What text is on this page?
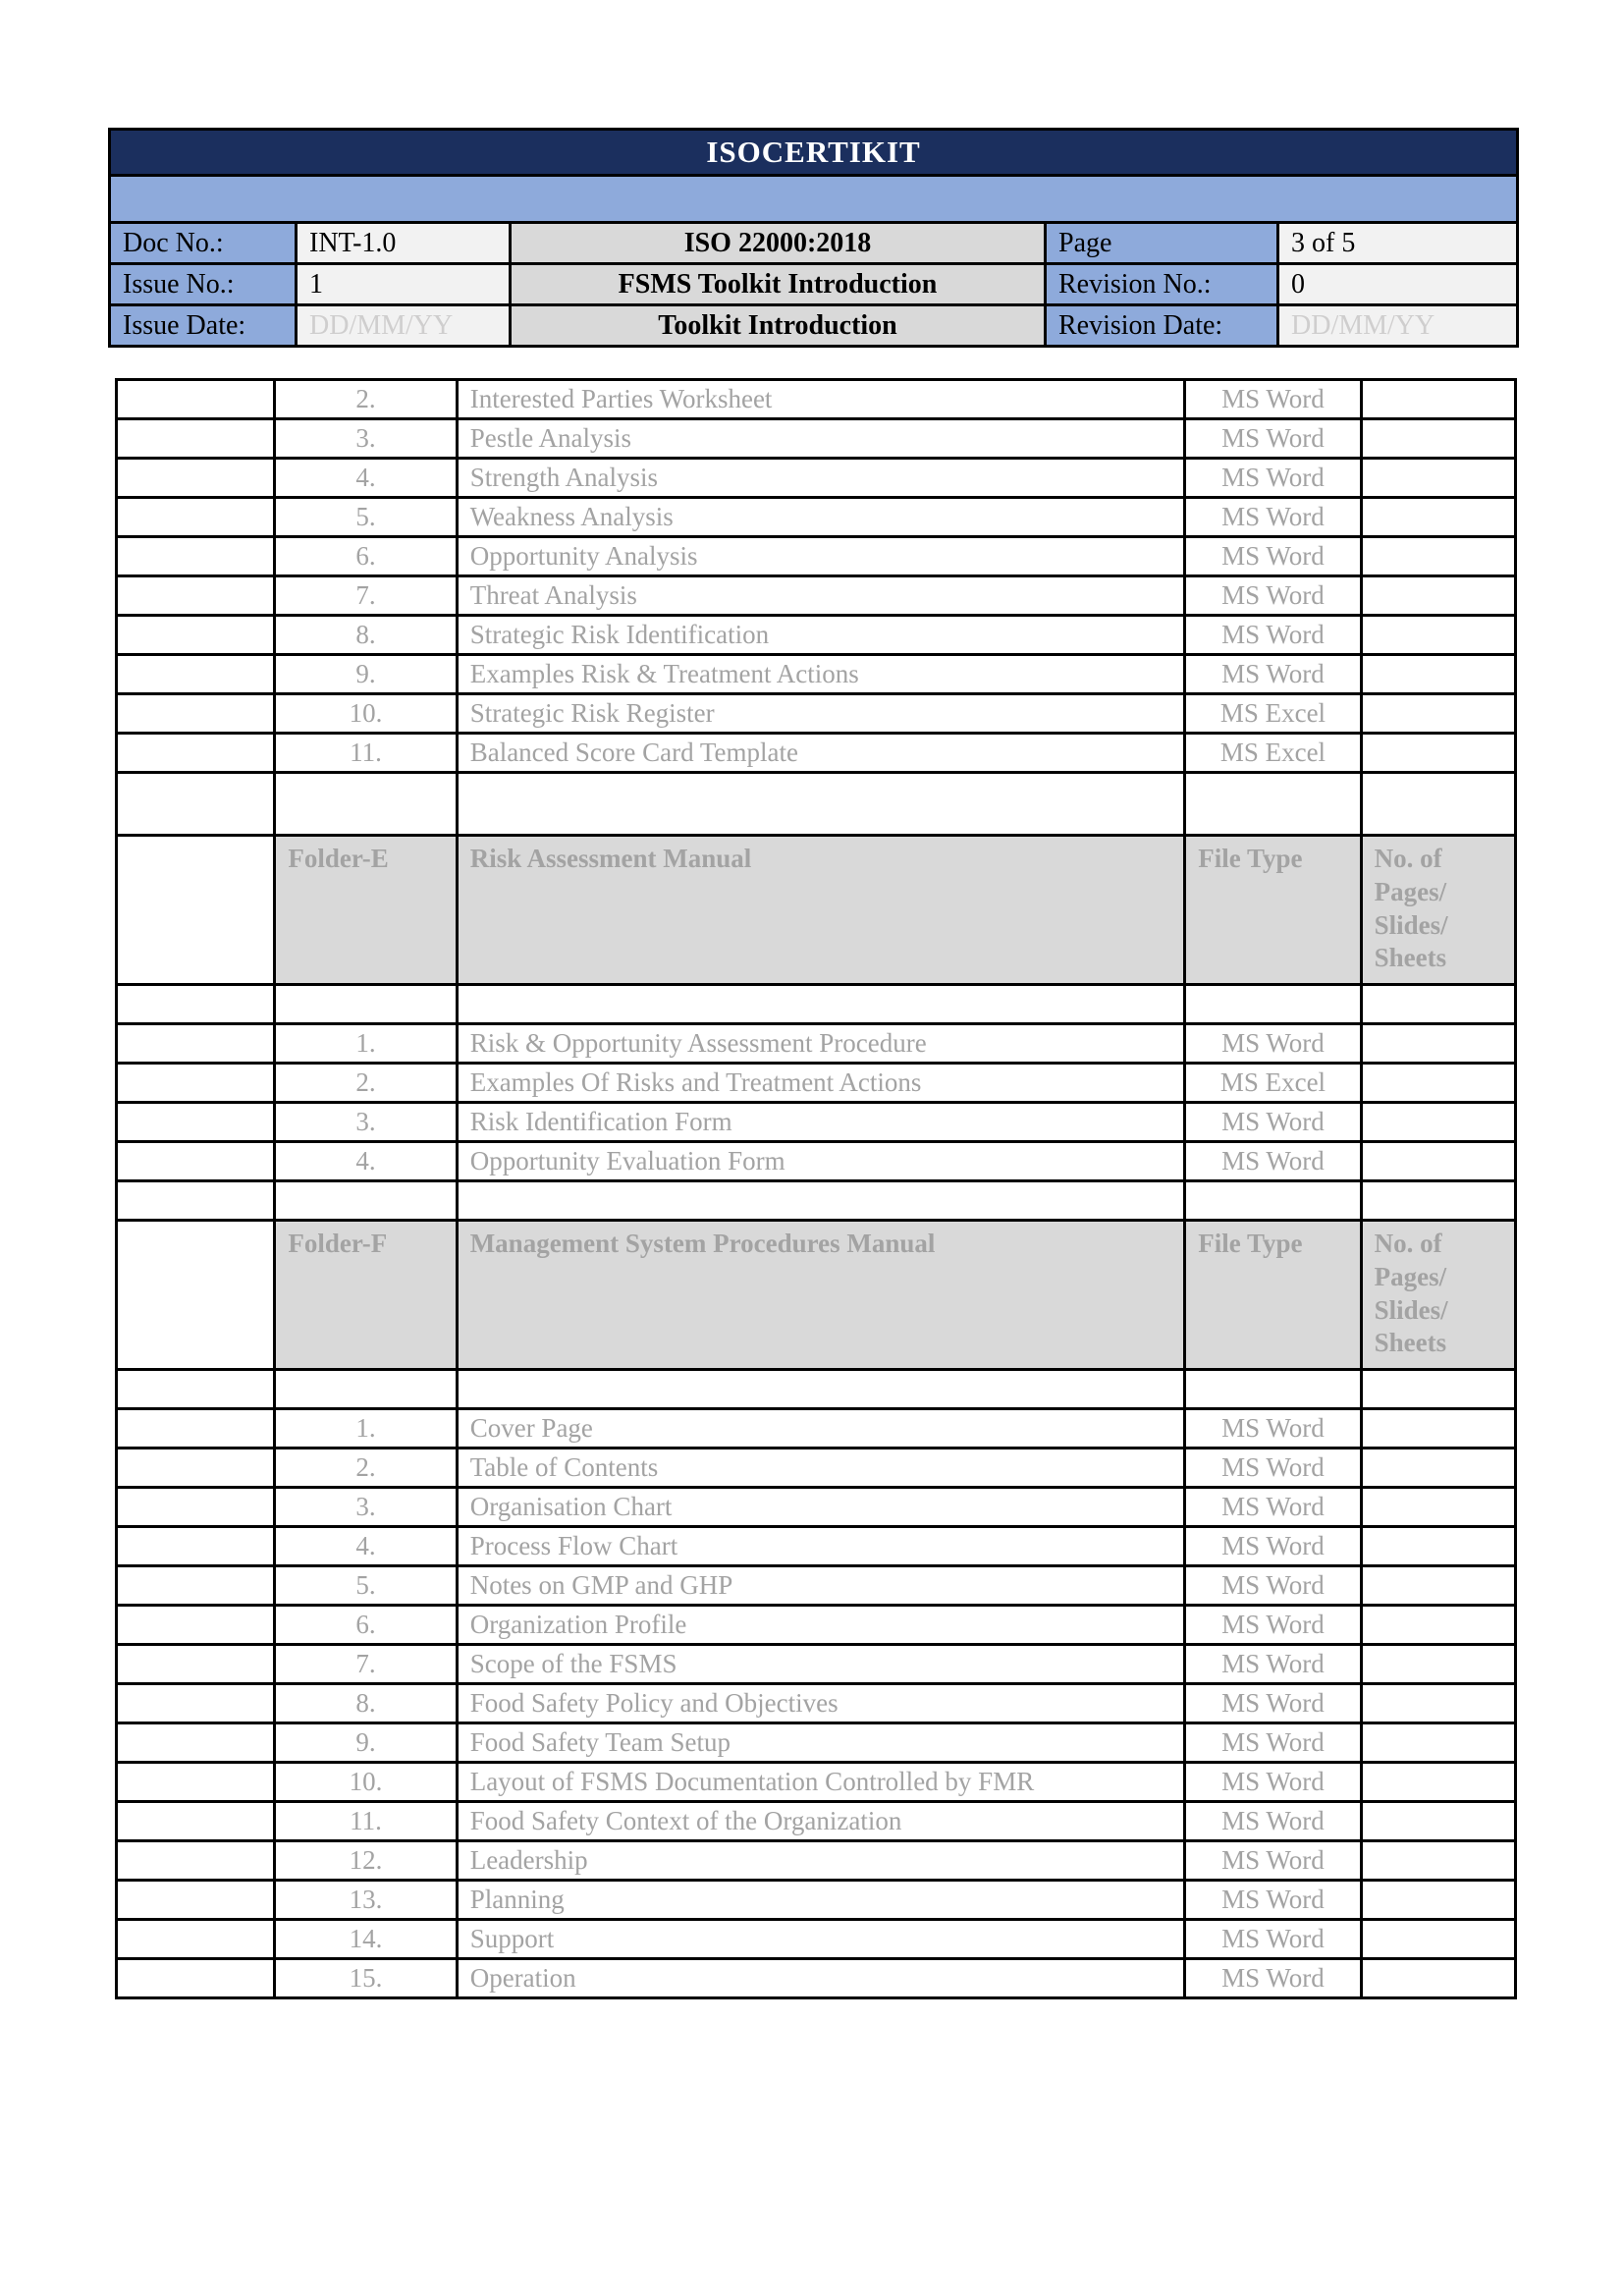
ISOCERTIKIT				

Doc No.:	INT-1.0	ISO 22000:2018	Page	3 of 5
Issue No.:	1	FSMS Toolkit Introduction	Revision No.:	0
Issue Date:	DD/MM/YY	Toolkit Introduction	Revision Date:	DD/MM/YY
	2.	Interested Parties Worksheet	MS Word	
	3.	Pestle Analysis	MS Word	
	4.	Strength Analysis	MS Word	
	5.	Weakness Analysis	MS Word	
	6.	Opportunity Analysis	MS Word	
	7.	Threat Analysis	MS Word	
	8.	Strategic Risk Identification	MS Word	
	9.	Examples Risk & Treatment Actions	MS Word	
	10.	Strategic Risk Register	MS Excel	
	11.	Balanced Score Card Template	MS Excel	

	Folder-E	Risk Assessment Manual	File Type	No. of Pages/ Slides/ Sheets

	1.	Risk & Opportunity Assessment Procedure	MS Word	
	2.	Examples Of Risks and Treatment Actions	MS Excel	
	3.	Risk Identification Form	MS Word	
	4.	Opportunity Evaluation Form	MS Word	

	Folder-F	Management System Procedures Manual	File Type	No. of Pages/ Slides/ Sheets

	1.	Cover Page	MS Word	
	2.	Table of Contents	MS Word	
	3.	Organisation Chart	MS Word	
	4.	Process Flow Chart	MS Word	
	5.	Notes on GMP and GHP	MS Word	
	6.	Organization Profile	MS Word	
	7.	Scope of the FSMS	MS Word	
	8.	Food Safety Policy and Objectives	MS Word	
	9.	Food Safety Team Setup	MS Word	
	10.	Layout of FSMS Documentation Controlled by FMR	MS Word	
	11.	Food Safety Context of the Organization	MS Word	
	12.	Leadership	MS Word	
	13.	Planning	MS Word	
	14.	Support	MS Word	
	15.	Operation	MS Word	
